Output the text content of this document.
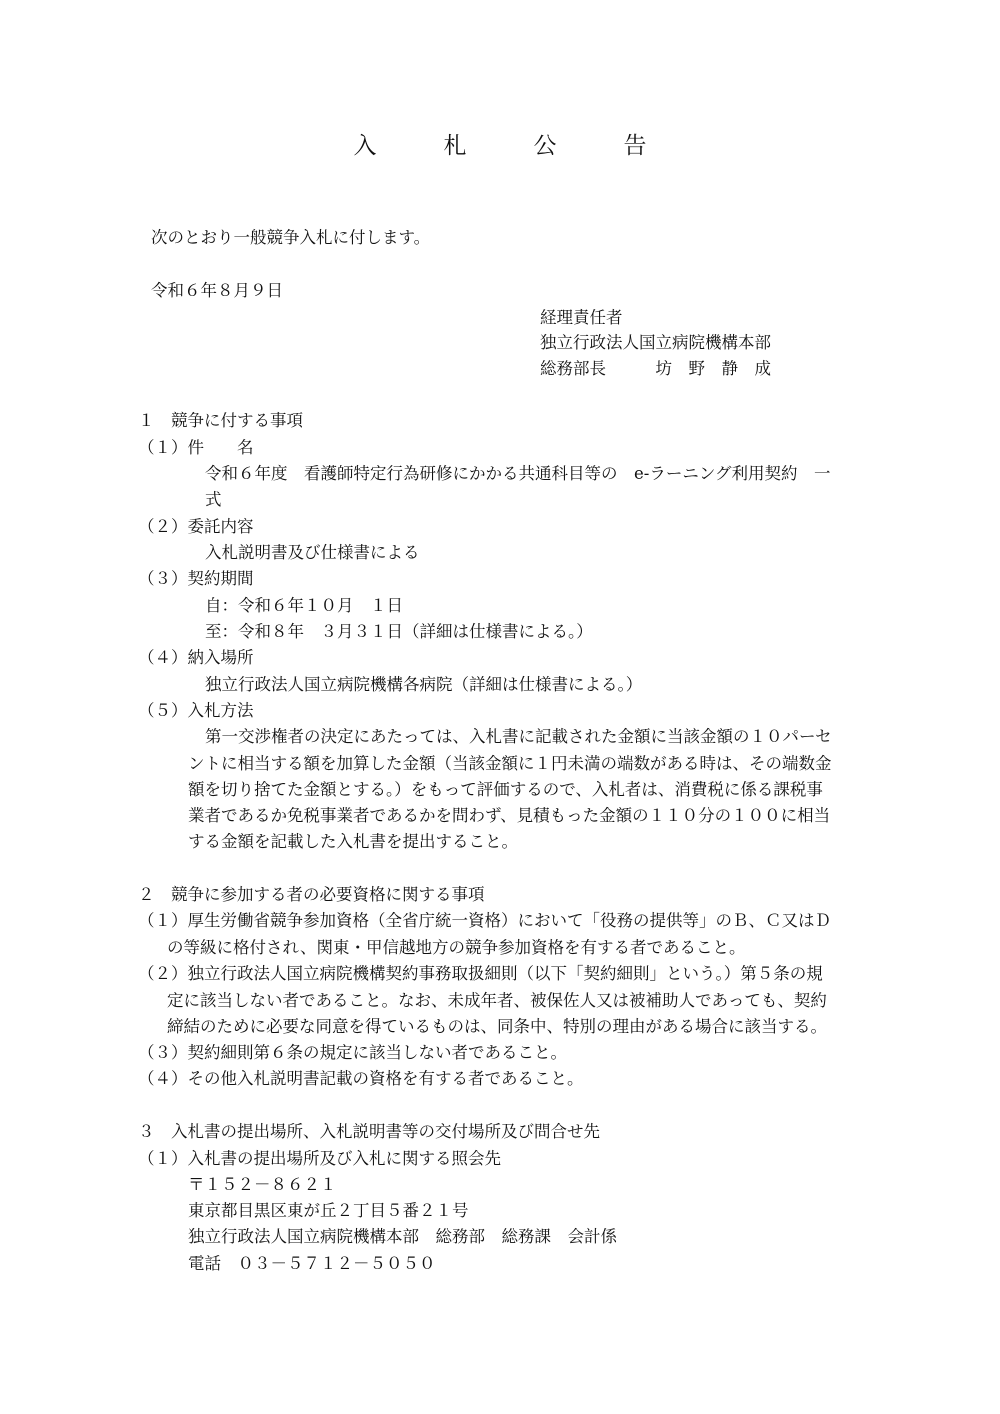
入　札　公　告
次のとおり一般競争入札に付します。
令和６年８月９日
経理責任者
独立行政法人国立病院機構本部
総務部長　　　坊　野　静　成
１　競争に付する事項
（１）件　　名
令和６年度　看護師特定行為研修にかかる共通科目等の　e-ラーニング利用契約　一
式
（２）委託内容
入札説明書及び仕様書による
（３）契約期間
自：令和６年１０月　１日
至：令和８年　３月３１日（詳細は仕様書による。）
（４）納入場所
独立行政法人国立病院機構各病院（詳細は仕様書による。）
（５）入札方法
第一交渉権者の決定にあたっては、入札書に記載された金額に当該金額の１０パーセ
ントに相当する額を加算した金額（当該金額に１円未満の端数がある時は、その端数金
額を切り捨てた金額とする。）をもって評価するので、入札者は、消費税に係る課税事
業者であるか免税事業者であるかを問わず、見積もった金額の１１０分の１００に相当
する金額を記載した入札書を提出すること。
２　競争に参加する者の必要資格に関する事項
（１）厚生労働省競争参加資格（全省庁統一資格）において「役務の提供等」のＢ、Ｃ又はＤ
の等級に格付され、関東・甲信越地方の競争参加資格を有する者であること。
（２）独立行政法人国立病院機構契約事務取扱細則（以下「契約細則」という。）第５条の規
定に該当しない者であること。なお、未成年者、被保佐人又は被補助人であっても、契約
締結のために必要な同意を得ているものは、同条中、特別の理由がある場合に該当する。
（３）契約細則第６条の規定に該当しない者であること。
（４）その他入札説明書記載の資格を有する者であること。
３　入札書の提出場所、入札説明書等の交付場所及び問合せ先
（１）入札書の提出場所及び入札に関する照会先
〒１５２－８６２１
東京都目黒区東が丘２丁目５番２１号
独立行政法人国立病院機構本部　総務部　総務課　会計係
電話　０３－５７１２－５０５０
